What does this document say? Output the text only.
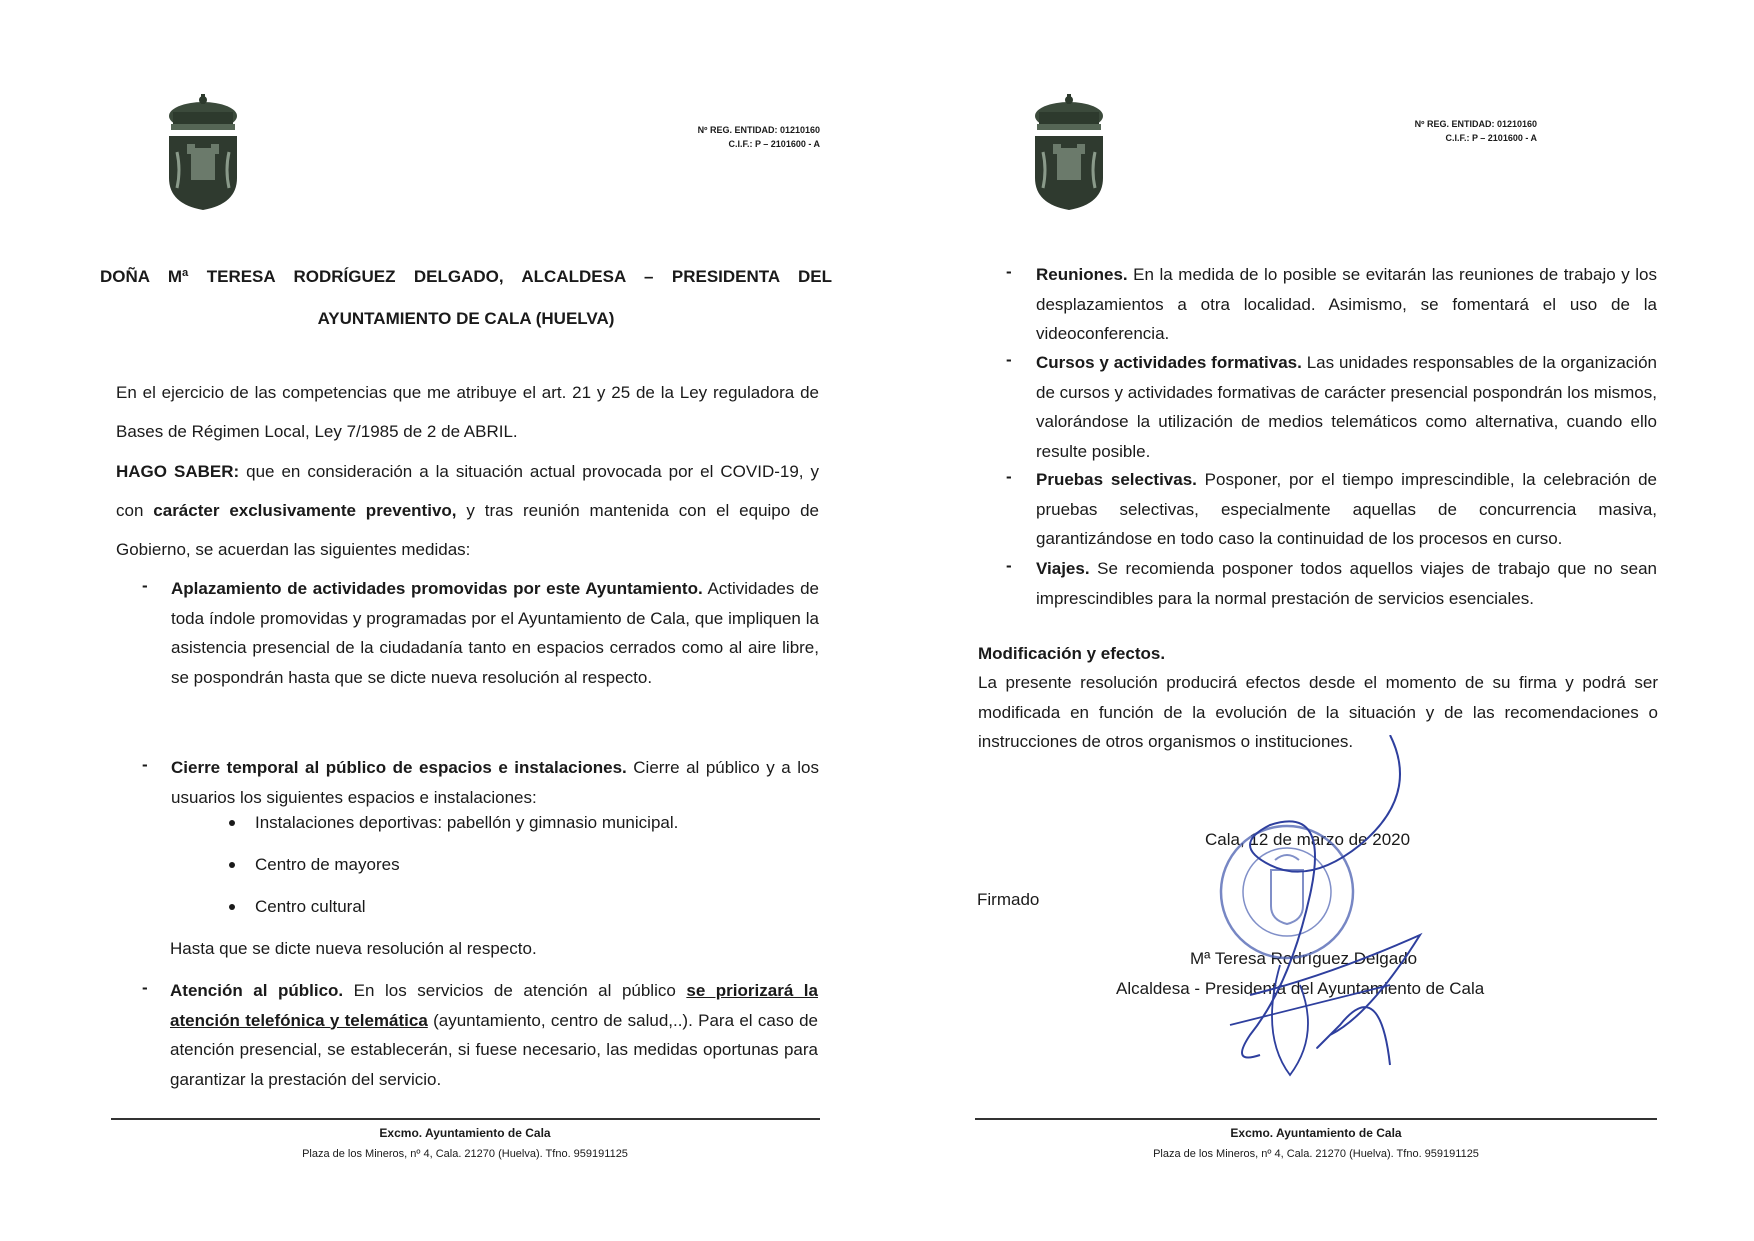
Nº REG. ENTIDAD: 01210160
C.I.F.: P – 2101600 - A
DOÑA Mª TERESA RODRÍGUEZ DELGADO, ALCALDESA – PRESIDENTA DEL
AYUNTAMIENTO DE CALA (HUELVA)
En el ejercicio de las competencias que me atribuye el art. 21 y 25 de la Ley reguladora de Bases de Régimen Local, Ley 7/1985 de 2 de ABRIL.
HAGO SABER: que en consideración a la situación actual provocada por el COVID-19, y con carácter exclusivamente preventivo, y tras reunión mantenida con el equipo de Gobierno, se acuerdan las siguientes medidas:
- Aplazamiento de actividades promovidas por este Ayuntamiento. Actividades de toda índole promovidas y programadas por el Ayuntamiento de Cala, que impliquen la asistencia presencial de la ciudadanía tanto en espacios cerrados como al aire libre, se pospondrán hasta que se dicte nueva resolución al respecto.
- Cierre temporal al público de espacios e instalaciones. Cierre al público y a los usuarios los siguientes espacios e instalaciones:
Instalaciones deportivas: pabellón y gimnasio municipal.
Centro de mayores
Centro cultural
Hasta que se dicte nueva resolución al respecto.
- Atención al público. En los servicios de atención al público se priorizará la atención telefónica y telemática (ayuntamiento, centro de salud,..). Para el caso de atención presencial, se establecerán, si fuese necesario, las medidas oportunas para garantizar la prestación del servicio.
Excmo. Ayuntamiento de Cala
Plaza de los Mineros, nº 4, Cala. 21270 (Huelva). Tfno. 959191125
Nº REG. ENTIDAD: 01210160
C.I.F.: P – 2101600 - A
- Reuniones. En la medida de lo posible se evitarán las reuniones de trabajo y los desplazamientos a otra localidad. Asimismo, se fomentará el uso de la videoconferencia.
- Cursos y actividades formativas. Las unidades responsables de la organización de cursos y actividades formativas de carácter presencial pospondrán los mismos, valorándose la utilización de medios telemáticos como alternativa, cuando ello resulte posible.
- Pruebas selectivas. Posponer, por el tiempo imprescindible, la celebración de pruebas selectivas, especialmente aquellas de concurrencia masiva, garantizándose en todo caso la continuidad de los procesos en curso.
- Viajes. Se recomienda posponer todos aquellos viajes de trabajo que no sean imprescindibles para la normal prestación de servicios esenciales.
Modificación y efectos.
La presente resolución producirá efectos desde el momento de su firma y podrá ser modificada en función de la evolución de la situación y de las recomendaciones o instrucciones de otros organismos o instituciones.
Cala, 12 de marzo de 2020
Firmado
Mª Teresa Rodríguez Delgado
Alcaldesa - Presidenta del Ayuntamiento de Cala
Excmo. Ayuntamiento de Cala
Plaza de los Mineros, nº 4, Cala. 21270 (Huelva). Tfno. 959191125
